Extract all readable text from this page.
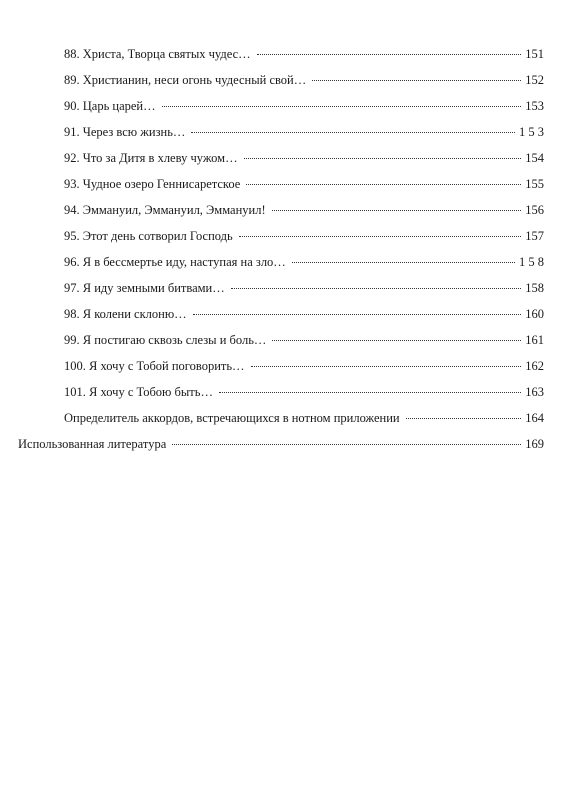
88. Христа, Творца святых чудес…	151
89. Христианин, неси огонь чудесный свой…	152
90. Царь царей…	153
91. Через всю жизнь…	1 5 3
92. Что за Дитя в хлеву чужом…	154
93. Чудное озеро Геннисаретское	155
94. Эммануил, Эммануил, Эммануил!	156
95. Этот день сотворил Господь	157
96. Я в бессмертье иду, наступая на зло…	1 5 8
97. Я иду земными битвами…	158
98. Я колени склоню…	160
99. Я постигаю сквозь слезы и боль…	161
100. Я хочу с Тобой поговорить…	162
101. Я хочу с Тобою быть…	163
Определитель аккордов, встречающихся в нотном приложении	164
Использованная литература	169
